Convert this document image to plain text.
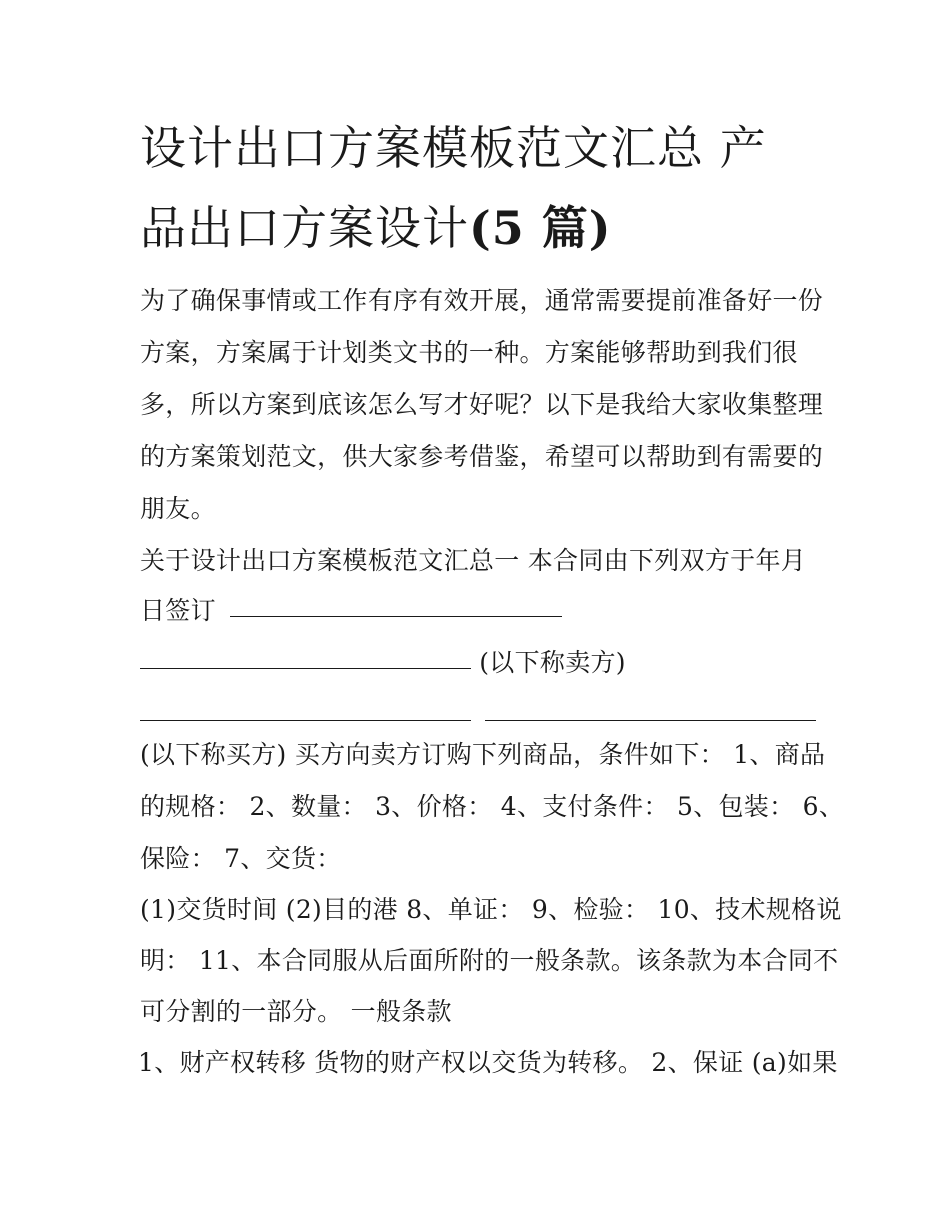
设计出口方案模板范文汇总 产
品出口方案设计(5 篇)
为了确保事情或工作有序有效开展，通常需要提前准备好一份
方案，方案属于计划类文书的一种。方案能够帮助到我们很
多，所以方案到底该怎么写才好呢？以下是我给大家收集整理
的方案策划范文，供大家参考借鉴，希望可以帮助到有需要的
朋友。
关于设计出口方案模板范文汇总一 本合同由下列双方于年月
日签订
(以下称卖方)

(以下称买方) 买方向卖方订购下列商品，条件如下： 1、商品
的规格： 2、数量： 3、价格： 4、支付条件： 5、包装： 6、
保险： 7、交货：
(1)交货时间 (2)目的港 8、单证： 9、检验： 10、技术规格说
明： 11、本合同服从后面所附的一般条款。该条款为本合同不
可分割的一部分。 一般条款
1、财产权转移 货物的财产权以交货为转移。 2、保证 (a)如果
